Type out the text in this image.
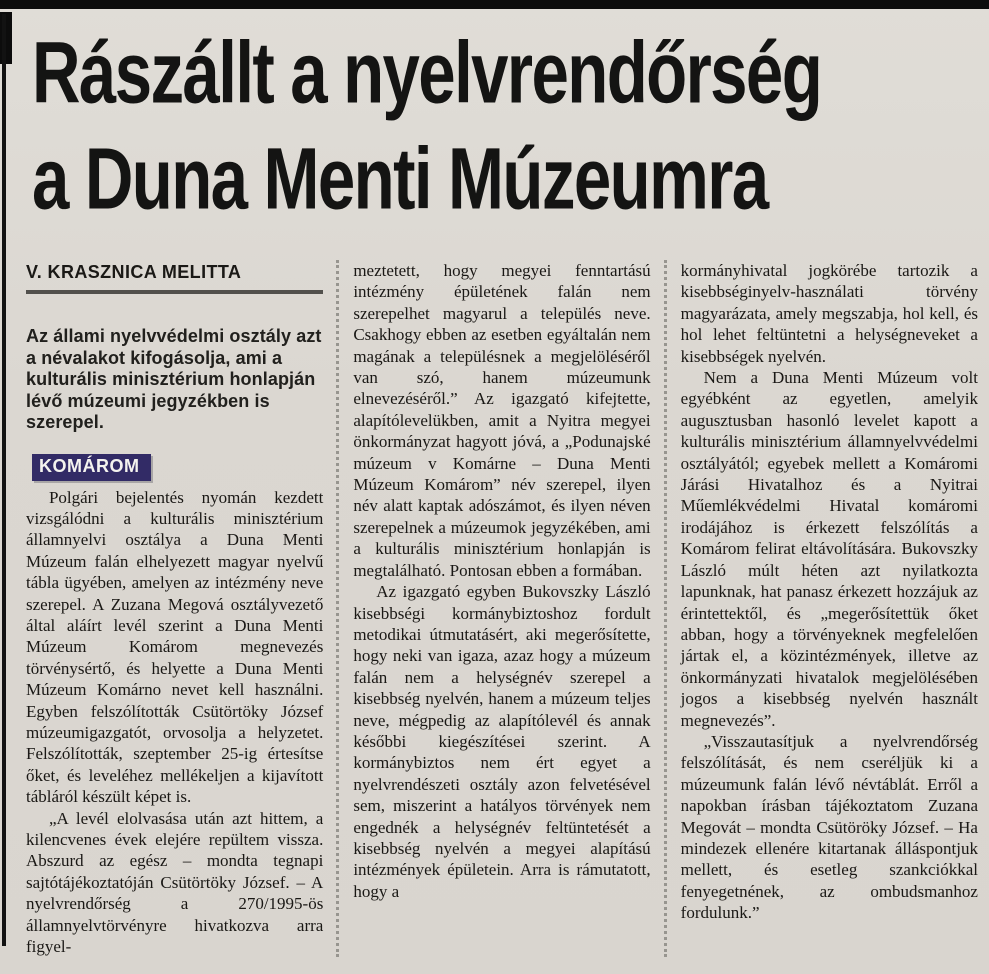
Rászállt a nyelvrendőrség
a Duna Menti Múzeumra
V. KRASZNICA MELITTA
Az állami nyelvvédelmi osztály azt a névalakot kifogásolja, ami a kulturális minisztérium honlapján lévő múzeumi jegyzékben is szerepel.
KOMÁROM

Polgári bejelentés nyomán kezdett vizsgálódni a kulturális minisztérium államnyelvi osztálya a Duna Menti Múzeum falán elhelyezett magyar nyelvű tábla ügyében, amelyen az intézmény neve szerepel. A Zuzana Megová osztályvezető által aláírt levél szerint a Duna Menti Múzeum Komárom megnevezés törvénysértő, és helyette a Duna Menti Múzeum Komárno nevet kell használni. Egyben felszólították Csütörtöky József múzeumigazgatót, orvosolja a helyzetet. Felszólították, szeptember 25-ig értesítse őket, és leveléhez mellékeljen a kijavított tábláról készült képet is.

„A levél elolvasása után azt hittem, a kilencvenes évek elejére repültem vissza. Abszurd az egész – mondta tegnapi sajtótájékoztatóján Csütörtöky József. – A nyelvrendőrség a 270/1995-ös államnyelvtörvényre hivatkozva arra figyel-

meztetett, hogy megyei fenntartású intézmény épületének falán nem szerepelhet magyarul a település neve. Csakhogy ebben az esetben egyáltalán nem magának a településnek a megjelöléséről van szó, hanem múzeumunk elnevezéséről.” Az igazgató kifejtette, alapítólevelükben, amit a Nyitra megyei önkormányzat hagyott jóvá, a „Podunajské múzeum v Komárne – Duna Menti Múzeum Komárom” név szerepel, ilyen név alatt kaptak adószámot, és ilyen néven szerepelnek a múzeumok jegyzékében, ami a kulturális minisztérium honlapján is megtalálható. Pontosan ebben a formában.

Az igazgató egyben Bukovszky László kisebbségi kormánybiztoshoz fordult metodikai útmutatásért, aki megerősítette, hogy neki van igaza, azaz hogy a múzeum falán nem a helységnév szerepel a kisebbség nyelvén, hanem a múzeum teljes neve, mégpedig az alapítólevél és annak későbbi kiegészítései szerint. A kormánybiztos nem ért egyet a nyelvrendészeti osztály azon felvetésével sem, miszerint a hatályos törvények nem engednék a helységnév feltüntetését a kisebbség nyelvén a megyei alapítású intézmények épületein. Arra is rámutatott, hogy a

kormányhivatal jogkörébe tartozik a kisebbséginyelv-használati törvény magyarázata, amely megszabja, hol kell, és hol lehet feltüntetni a helységneveket a kisebbségek nyelvén.

Nem a Duna Menti Múzeum volt egyébként az egyetlen, amelyik augusztusban hasonló levelet kapott a kulturális minisztérium államnyelvvédelmi osztályától; egyebek mellett a Komáromi Járási Hivatalhoz és a Nyitrai Műemlékvédelmi Hivatal komáromi irodájához is érkezett felszólítás a Komárom felirat eltávolítására. Bukovszky László múlt héten azt nyilatkozta lapunknak, hat panasz érkezett hozzájuk az érintettektől, és „megerősítettük őket abban, hogy a törvényeknek megfelelően jártak el, a közintézmények, illetve az önkormányzati hivatalok megjelölésében jogos a kisebbség nyelvén használt megnevezés”.

„Visszautasítjuk a nyelvrendőrség felszólítását, és nem cseréljük ki a múzeumunk falán lévő névtáblát. Erről a napokban írásban tájékoztatom Zuzana Megovát – mondta Csütöröky József. – Ha mindezek ellenére kitartanak álláspontjuk mellett, és esetleg szankciókkal fenyegetnének, az ombudsmanhoz fordulunk.”
